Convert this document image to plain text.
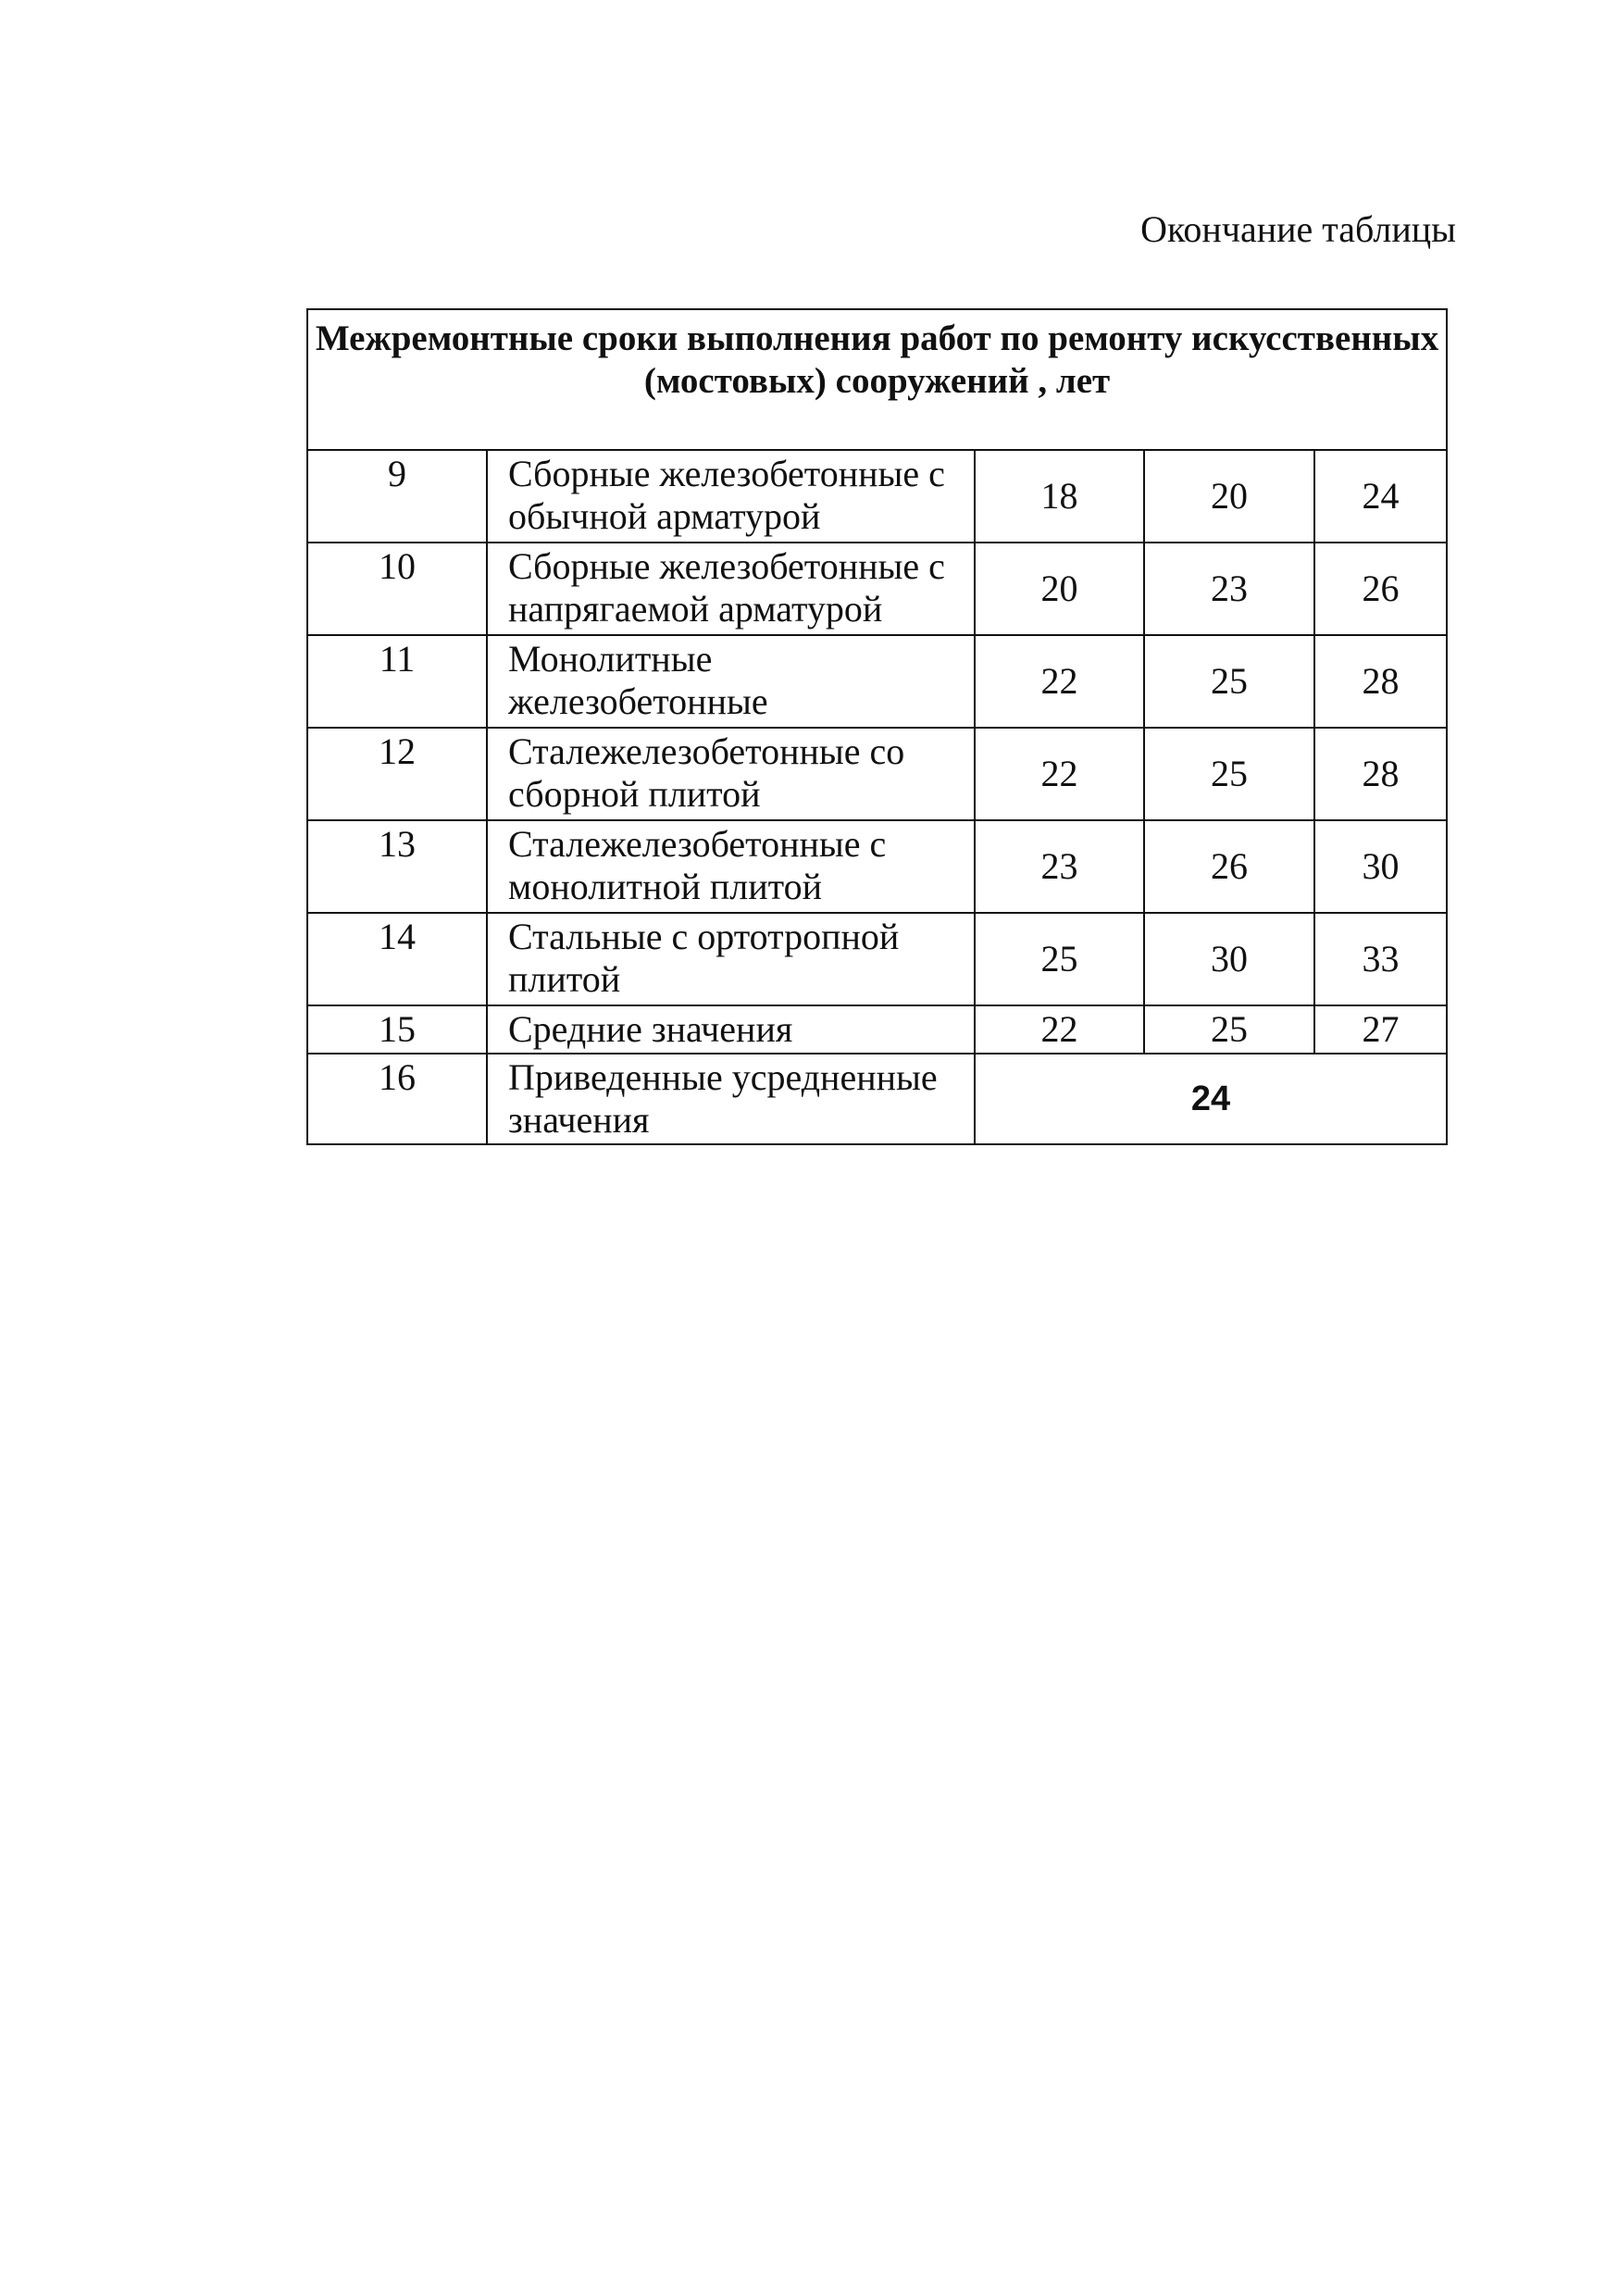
Окончание таблицы
Межремонтные сроки выполнения работ по ремонту искусственных (мостовых) сооружений , лет				
9	Сборные железобетонные с обычной арматурой	18	20	24
10	Сборные железобетонные с напрягаемой арматурой	20	23	26
11	Монолитные железобетонные	22	25	28
12	Сталежелезобетонные со сборной плитой	22	25	28
13	Сталежелезобетонные с монолитной плитой	23	26	30
14	Стальные с ортотропной плитой	25	30	33
15	Средние значения	22	25	27
16	Приведенные усредненные значения	24		
